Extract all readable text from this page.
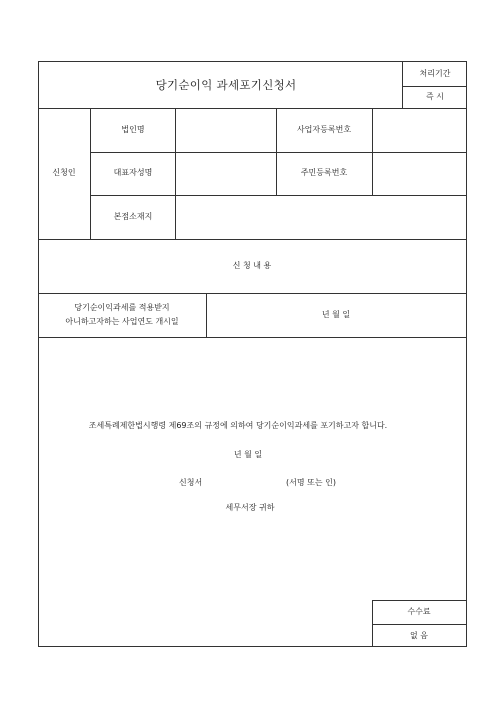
당기순이익 과세포기신청서
처리기간
즉 시
신청인
법인명	사업자등록번호
대표자성명	주민등록번호
본점소재지
신 청 내 용
당기순이익과세를 적용받지
아니하고자하는 사업연도 개시일
년 월 일
조세특례제한법시행령 제69조의 규정에 의하여 당기순이익과세를 포기하고자 합니다.
년 월 일
신청서	(서명 또는 인)
세무서장 귀하
수수료
없 음
